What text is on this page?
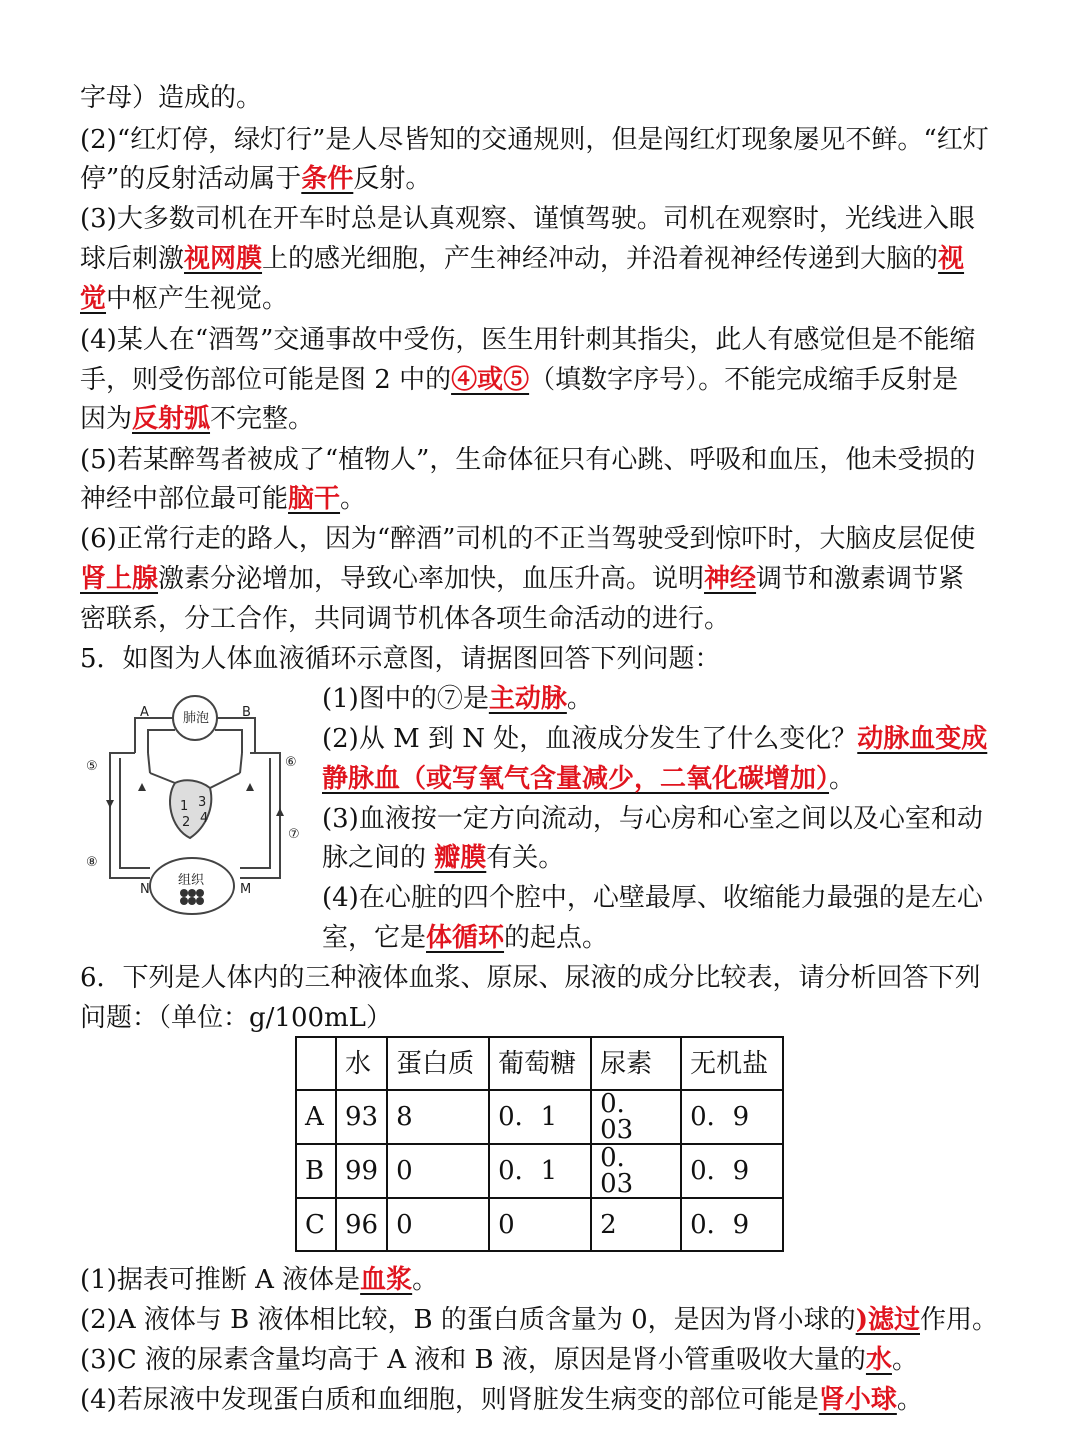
字母）造成的。
(2)“红灯停，绿灯行”是人尽皆知的交通规则，但是闯红灯现象屡见不鲜。“红灯
停”的反射活动属于条件反射。
(3)大多数司机在开车时总是认真观察、谨慎驾驶。司机在观察时，光线进入眼
球后刺激视网膜上的感光细胞，产生神经冲动，并沿着视神经传递到大脑的视
觉中枢产生视觉。
(4)某人在“酒驾”交通事故中受伤，医生用针刺其指尖，此人有感觉但是不能缩
手，则受伤部位可能是图 2 中的④或⑤（填数字序号）。不能完成缩手反射是
因为反射弧不完整。
(5)若某醉驾者被成了“植物人”，生命体征只有心跳、呼吸和血压，他未受损的
神经中部位最可能脑干。
(6)正常行走的路人，因为“醉酒”司机的不正当驾驶受到惊吓时，大脑皮层促使
肾上腺激素分泌增加，导致心率加快，血压升高。说明神经调节和激素调节紧
密联系，分工合作，共同调节机体各项生命活动的进行。
5．如图为人体血液循环示意图，请据图回答下列问题：
肺泡
组织
A	B
N	M
⑤	⑥
⑦
⑧
1
2
3
4
(1)图中的⑦是主动脉。
(2)从 M 到 N 处，血液成分发生了什么变化？动脉血变成
静脉血（或写氧气含量减少，二氧化碳增加）。
(3)血液按一定方向流动，与心房和心室之间以及心室和动
脉之间的 瓣膜有关。
(4)在心脏的四个腔中，心壁最厚、收缩能力最强的是左心
室，它是体循环的起点。
6．下列是人体内的三种液体血浆、原尿、尿液的成分比较表，请分析回答下列
问题：（单位：g/100mL）
	水	蛋白质	葡萄糖	尿素	无机盐
A	93	8	0．1	0．03	0．9
B	99	0	0．1	0．03	0．9
C	96	0	0	2	0．9
(1)据表可推断 A 液体是血浆。
(2)A 液体与 B 液体相比较，B 的蛋白质含量为 0，是因为肾小球的)滤过作用。
(3)C 液的尿素含量均高于 A 液和 B 液，原因是肾小管重吸收大量的水。
(4)若尿液中发现蛋白质和血细胞，则肾脏发生病变的部位可能是肾小球。
